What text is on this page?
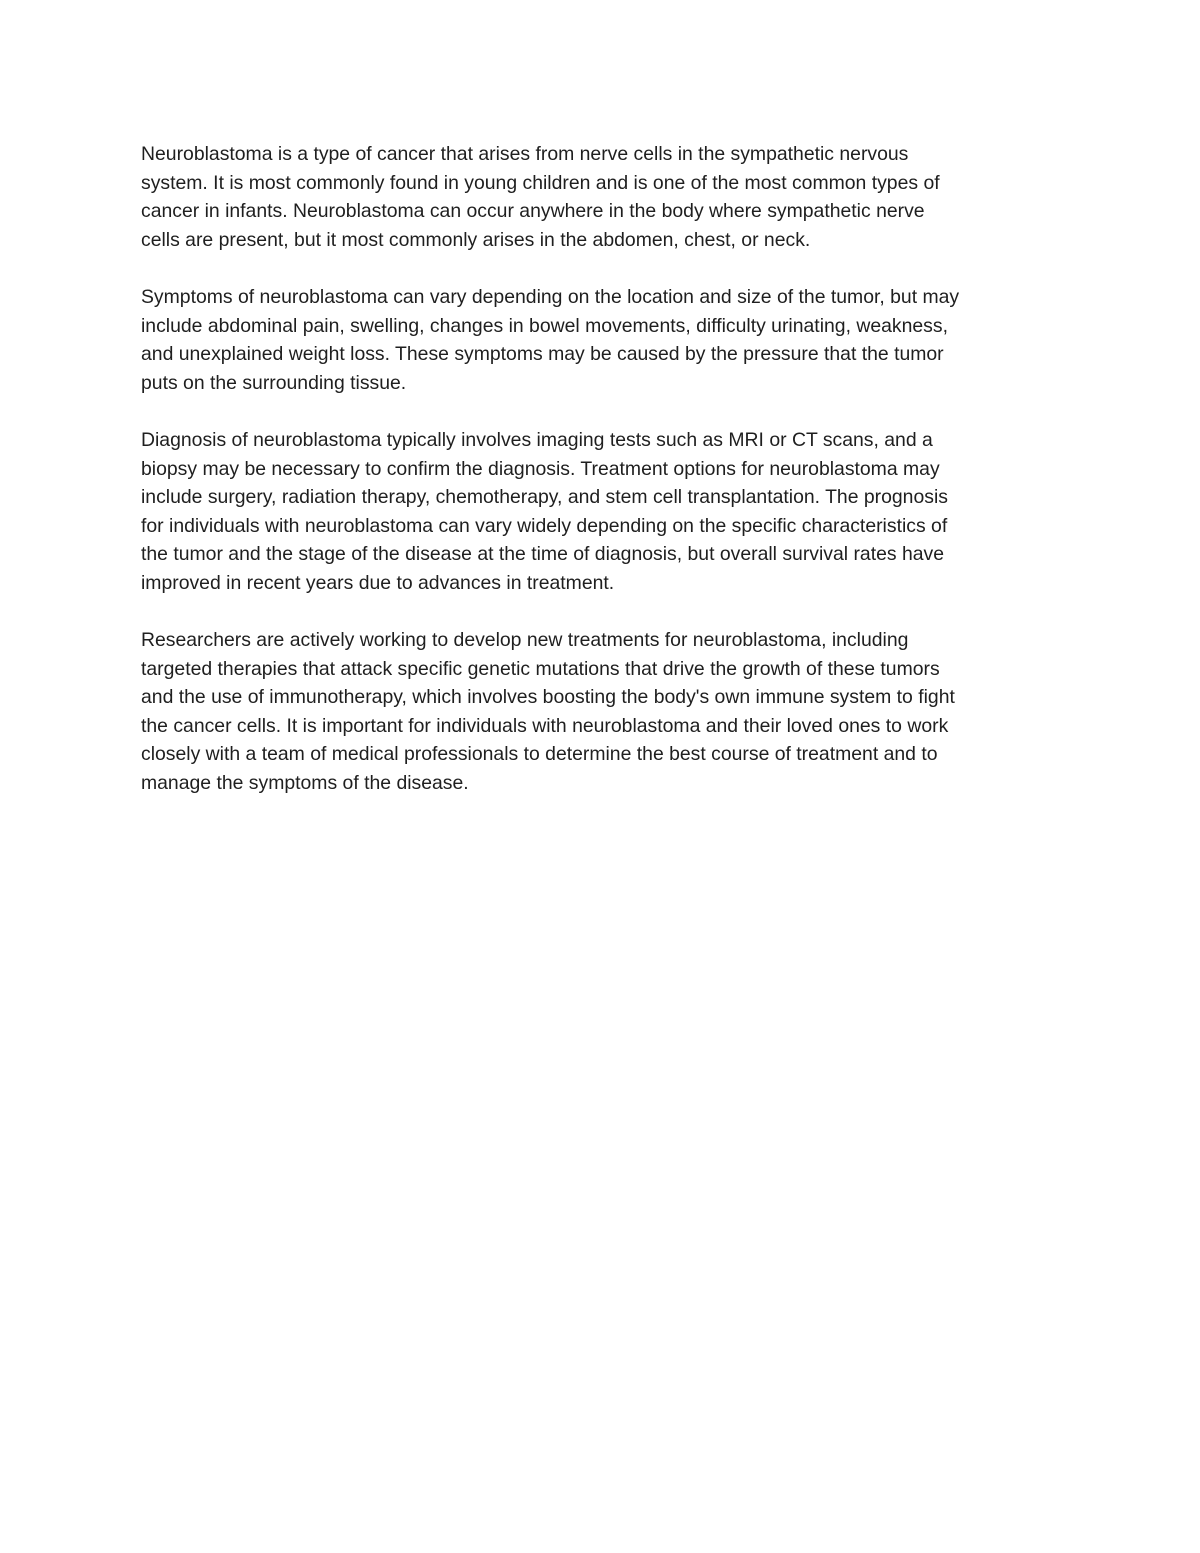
Neuroblastoma is a type of cancer that arises from nerve cells in the sympathetic nervous
system. It is most commonly found in young children and is one of the most common types of
cancer in infants. Neuroblastoma can occur anywhere in the body where sympathetic nerve
cells are present, but it most commonly arises in the abdomen, chest, or neck.

Symptoms of neuroblastoma can vary depending on the location and size of the tumor, but may
include abdominal pain, swelling, changes in bowel movements, difficulty urinating, weakness,
and unexplained weight loss. These symptoms may be caused by the pressure that the tumor
puts on the surrounding tissue.

Diagnosis of neuroblastoma typically involves imaging tests such as MRI or CT scans, and a
biopsy may be necessary to confirm the diagnosis. Treatment options for neuroblastoma may
include surgery, radiation therapy, chemotherapy, and stem cell transplantation. The prognosis
for individuals with neuroblastoma can vary widely depending on the specific characteristics of
the tumor and the stage of the disease at the time of diagnosis, but overall survival rates have
improved in recent years due to advances in treatment.

Researchers are actively working to develop new treatments for neuroblastoma, including
targeted therapies that attack specific genetic mutations that drive the growth of these tumors
and the use of immunotherapy, which involves boosting the body's own immune system to fight
the cancer cells. It is important for individuals with neuroblastoma and their loved ones to work
closely with a team of medical professionals to determine the best course of treatment and to
manage the symptoms of the disease.
